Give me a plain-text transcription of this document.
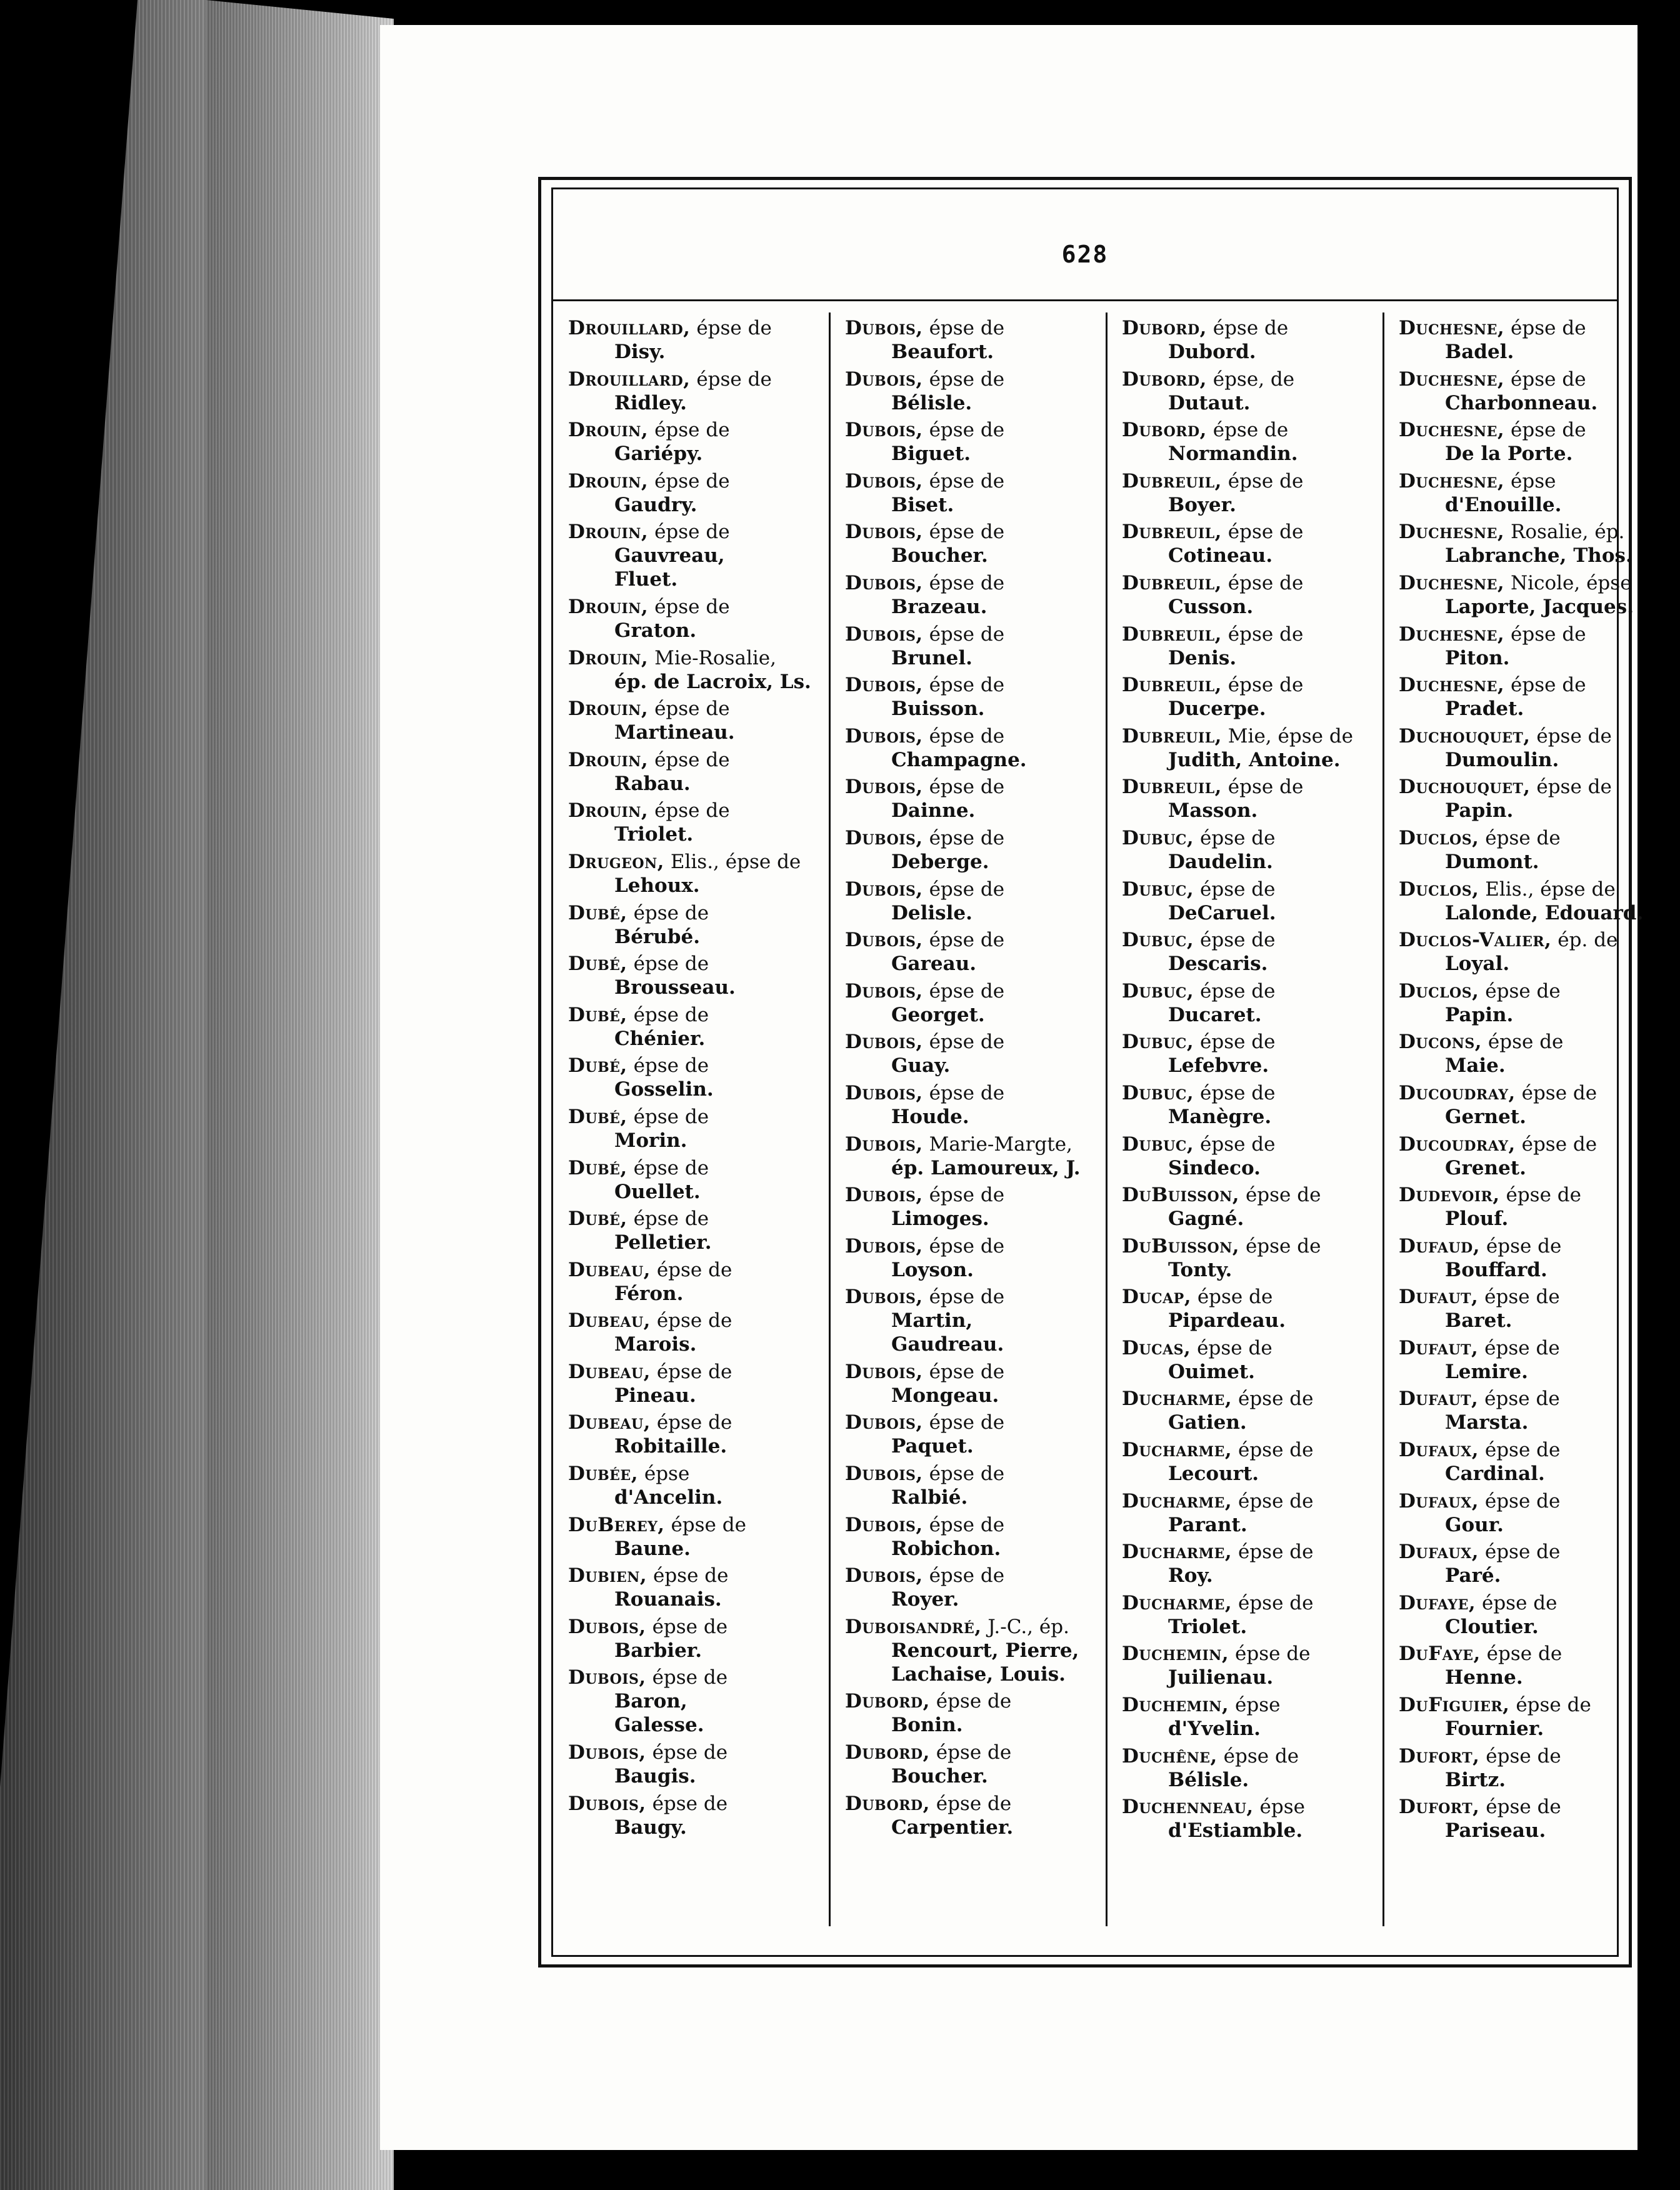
628
Drouillard, épse de
Disy.
Drouillard, épse de
Ridley.
Drouin, épse de
Gariépy.
Drouin, épse de
Gaudry.
Drouin, épse de
Gauvreau,
Fluet.
Drouin, épse de
Graton.
Drouin, Mie-Rosalie,
ép. de Lacroix, Ls.
Drouin, épse de
Martineau.
Drouin, épse de
Rabau.
Drouin, épse de
Triolet.
Drugeon, Elis., épse de
Lehoux.
Dubé, épse de
Bérubé.
Dubé, épse de
Brousseau.
Dubé, épse de
Chénier.
Dubé, épse de
Gosselin.
Dubé, épse de
Morin.
Dubé, épse de
Ouellet.
Dubé, épse de
Pelletier.
Dubeau, épse de
Féron.
Dubeau, épse de
Marois.
Dubeau, épse de
Pineau.
Dubeau, épse de
Robitaille.
Dubée, épse
d'Ancelin.
DuBerey, épse de
Baune.
Dubien, épse de
Rouanais.
Dubois, épse de
Barbier.
Dubois, épse de
Baron,
Galesse.
Dubois, épse de
Baugis.
Dubois, épse de
Baugy.
Dubois, épse de
Beaufort.
Dubois, épse de
Bélisle.
Dubois, épse de
Biguet.
Dubois, épse de
Biset.
Dubois, épse de
Boucher.
Dubois, épse de
Brazeau.
Dubois, épse de
Brunel.
Dubois, épse de
Buisson.
Dubois, épse de
Champagne.
Dubois, épse de
Dainne.
Dubois, épse de
Deberge.
Dubois, épse de
Delisle.
Dubois, épse de
Gareau.
Dubois, épse de
Georget.
Dubois, épse de
Guay.
Dubois, épse de
Houde.
Dubois, Marie-Margte,
ép. Lamoureux, J.
Dubois, épse de
Limoges.
Dubois, épse de
Loyson.
Dubois, épse de
Martin,
Gaudreau.
Dubois, épse de
Mongeau.
Dubois, épse de
Paquet.
Dubois, épse de
Ralbié.
Dubois, épse de
Robichon.
Dubois, épse de
Royer.
Duboisandré, J.-C., ép.
Rencourt, Pierre,
Lachaise, Louis.
Dubord, épse de
Bonin.
Dubord, épse de
Boucher.
Dubord, épse de
Carpentier.
Dubord, épse de
Dubord.
Dubord, épse, de
Dutaut.
Dubord, épse de
Normandin.
Dubreuil, épse de
Boyer.
Dubreuil, épse de
Cotineau.
Dubreuil, épse de
Cusson.
Dubreuil, épse de
Denis.
Dubreuil, épse de
Ducerpe.
Dubreuil, Mie, épse de
Judith, Antoine.
Dubreuil, épse de
Masson.
Dubuc, épse de
Daudelin.
Dubuc, épse de
DeCaruel.
Dubuc, épse de
Descaris.
Dubuc, épse de
Ducaret.
Dubuc, épse de
Lefebvre.
Dubuc, épse de
Manègre.
Dubuc, épse de
Sindeco.
DuBuisson, épse de
Gagné.
DuBuisson, épse de
Tonty.
Ducap, épse de
Pipardeau.
Ducas, épse de
Ouimet.
Ducharme, épse de
Gatien.
Ducharme, épse de
Lecourt.
Ducharme, épse de
Parant.
Ducharme, épse de
Roy.
Ducharme, épse de
Triolet.
Duchemin, épse de
Juilienau.
Duchemin, épse
d'Yvelin.
Duchêne, épse de
Bélisle.
Duchenneau, épse
d'Estiamble.
Duchesne, épse de
Badel.
Duchesne, épse de
Charbonneau.
Duchesne, épse de
De la Porte.
Duchesne, épse
d'Enouille.
Duchesne, Rosalie, ép.
Labranche, Thos.
Duchesne, Nicole, épse
Laporte, Jacques.
Duchesne, épse de
Piton.
Duchesne, épse de
Pradet.
Duchouquet, épse de
Dumoulin.
Duchouquet, épse de
Papin.
Duclos, épse de
Dumont.
Duclos, Elis., épse de
Lalonde, Edouard.
Duclos-Valier, ép. de
Loyal.
Duclos, épse de
Papin.
Ducons, épse de
Maie.
Ducoudray, épse de
Gernet.
Ducoudray, épse de
Grenet.
Dudevoir, épse de
Plouf.
Dufaud, épse de
Bouffard.
Dufaut, épse de
Baret.
Dufaut, épse de
Lemire.
Dufaut, épse de
Marsta.
Dufaux, épse de
Cardinal.
Dufaux, épse de
Gour.
Dufaux, épse de
Paré.
Dufaye, épse de
Cloutier.
DuFaye, épse de
Henne.
DuFiguier, épse de
Fournier.
Dufort, épse de
Birtz.
Dufort, épse de
Pariseau.
